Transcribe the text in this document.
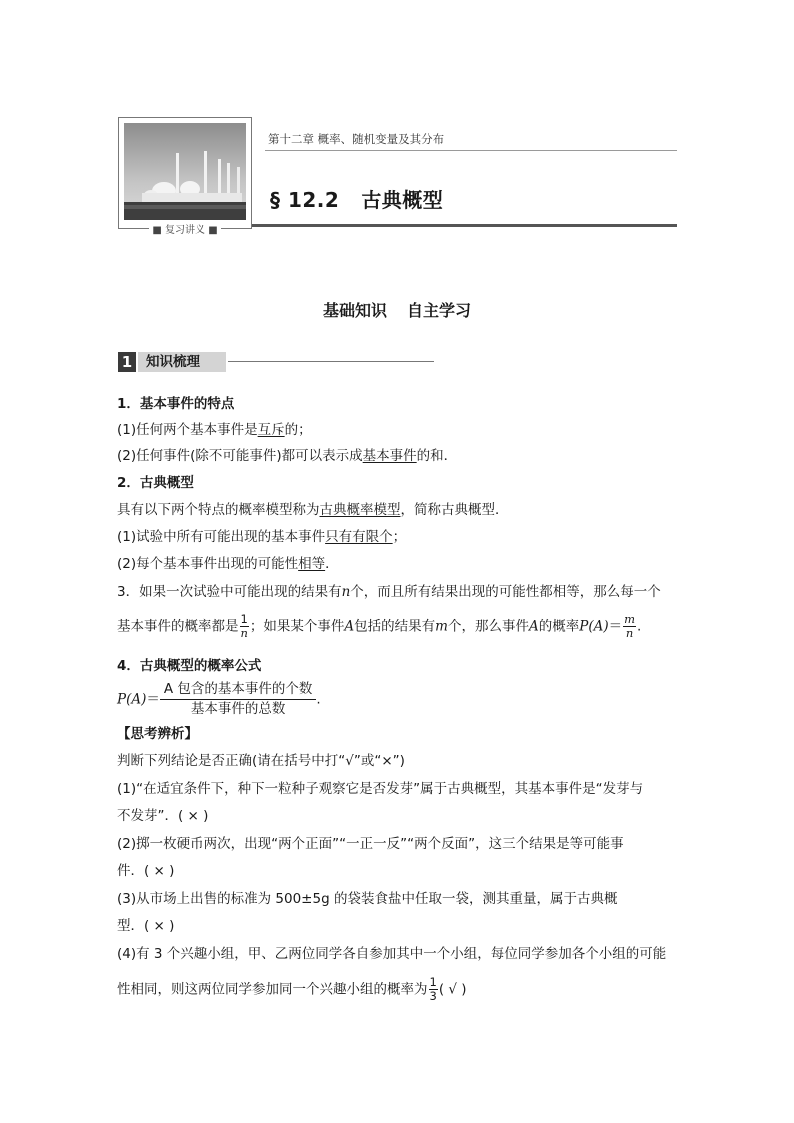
■ 复习讲义 ■
第十二章 概率、随机变量及其分布
§ 12.2 古典概型
基础知识 自主学习
1	知识梳理
1．基本事件的特点
(1)任何两个基本事件是互斥的；
(2)任何事件(除不可能事件)都可以表示成基本事件的和．
2．古典概型
具有以下两个特点的概率模型称为古典概率模型，简称古典概型．
(1)试验中所有可能出现的基本事件只有有限个；
(2)每个基本事件出现的可能性相等．
3．如果一次试验中可能出现的结果有n个，而且所有结果出现的可能性都相等，那么每一个
基本事件的概率都是 $\frac{1}{n}$ ；如果某个事件A包括的结果有m个，那么事件A的概率$P(A)= \frac{m}{n}$ .
4．古典概型的概率公式
$P(A)= \frac{\text{A 包含的基本事件的个数}}{\text{基本事件的总数}}$ .
【思考辨析】
判断下列结论是否正确(请在括号中打“√”或“×”)
(1)“在适宜条件下，种下一粒种子观察它是否发芽”属于古典概型，其基本事件是“发芽与
不发芽”．( × )
(2)掷一枚硬币两次，出现“两个正面”“一正一反”“两个反面”，这三个结果是等可能事
件．( × )
(3)从市场上出售的标准为 500±5g 的袋装食盐中任取一袋，测其重量，属于古典概
型．( × )
(4)有 3 个兴趣小组，甲、乙两位同学各自参加其中一个小组，每位同学参加各个小组的可能
性相同，则这两位同学参加同一个兴趣小组的概率为 $\frac{1}{3}$ ( √ )
